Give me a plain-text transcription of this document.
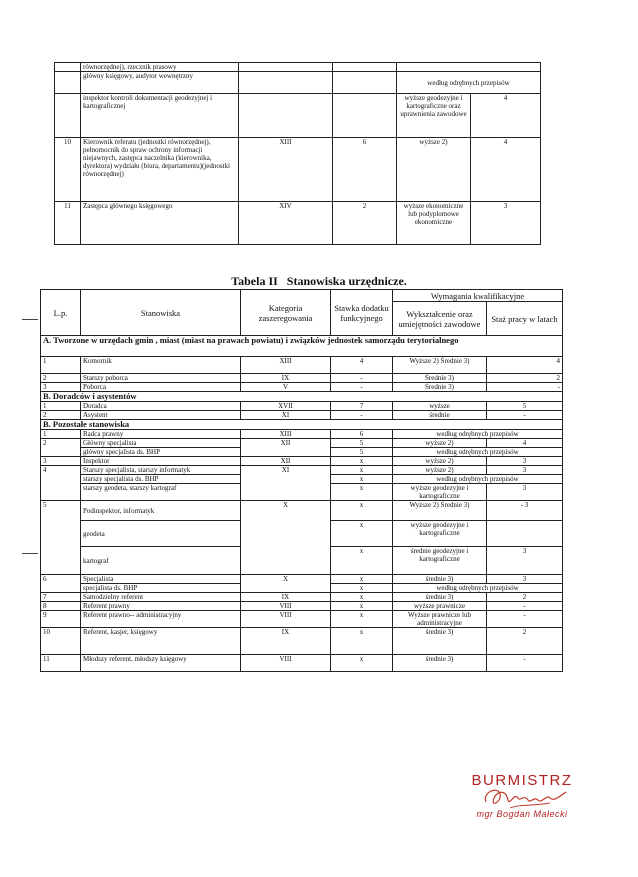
	równorzędnej), rzecznik prasowy				
	główny księgowy, audytor wewnętrzny			według odrębnych przepisów	
	inspektor kontroli dokumentacji geodezyjnej i kartograficznej			wyższe geodezyjne i kartograficzne oraz uprawnienia zawodowe	4
10	Kierownik referatu (jednostki równorzędnej), pełnomocnik do spraw ochrony informacji niejawnych, zastępca naczelnika (kierownika, dyrektora) wydziału (biura, departamentu)(jednostki równorzędnej)	XIII	6	wyższe 2)	4
11	Zastępca głównego księgowego	XIV	2	wyższe ekonomiczne lub podyplomowe ekonomiczne	3
Tabela II   Stanowiska urzędnicze.
L.p.	Stanowiska	Kategoria zaszeregowania	Stawka dodatku funkcyjnego	Wymagania kwalifikacyjne	
				Wykształcenie oraz umiejętności zawodowe	Staż pracy w latach
A. Tworzone w urzędach gmin , miast (miast na prawach powiatu) i związków jednostek samorządu terytorialnego					
1	Komornik	XIII	4	Wyższe 2) Średnie 3)	4
2	Starszy poborca	IX	-	Średnie 3)	2
3	Poborca	V	-	Średnie 3)	-
B. Doradców i asystentów					
1	Doradca	XVII	7	wyższe	5
2	Asystent	XI	-	średnie	-
B. Pozostałe stanowiska					
1	Radca prawny	XIII	6	według odrębnych przepisów	
2	Główny specjalista	XII	5	wyższe 2)	4
	główny specjalista ds. BHP		5	według odrębnych przepisów	
3	Inspektor	XII	x	wyższe 2)	3
4	Starszy specjalista, starszy informatyk	XI	x	wyższe 2)	3
	starszy specjalista ds. BHP		x	według odrębnych przepisów	
	starszy geodeta, starszy kartograf		x	wyższe geodezyjne i kartograficzne	3
5	Podinspektor, informatyk	X	x	Wyższe 2) Średnie 3)	- 3
	geodeta		x	wyższe geodezyjne i kartograficzne	
	kartograf		x	średnie geodezyjne i kartograficzne	3
6	Specjalista	X	x	średnie 3)	3
	specjalista ds. BHP		x	według odrębnych przepisów	
7	Samodzielny referent	IX	x	średnie 3)	2
8	Referent prawny	VIII	x	wyższe prawnicze	-
9	Referent prawno-- administracyjny	VIII	x	Wyższe prawnicze lub administracyjne	-
10	Referent, kasjer, księgowy	IX	x	średnie 3)	2
11	Młodszy referent, młodszy księgowy	VIII	x	średnie 3)	-
BURMISTRZ
mgr Bogdan Małecki
